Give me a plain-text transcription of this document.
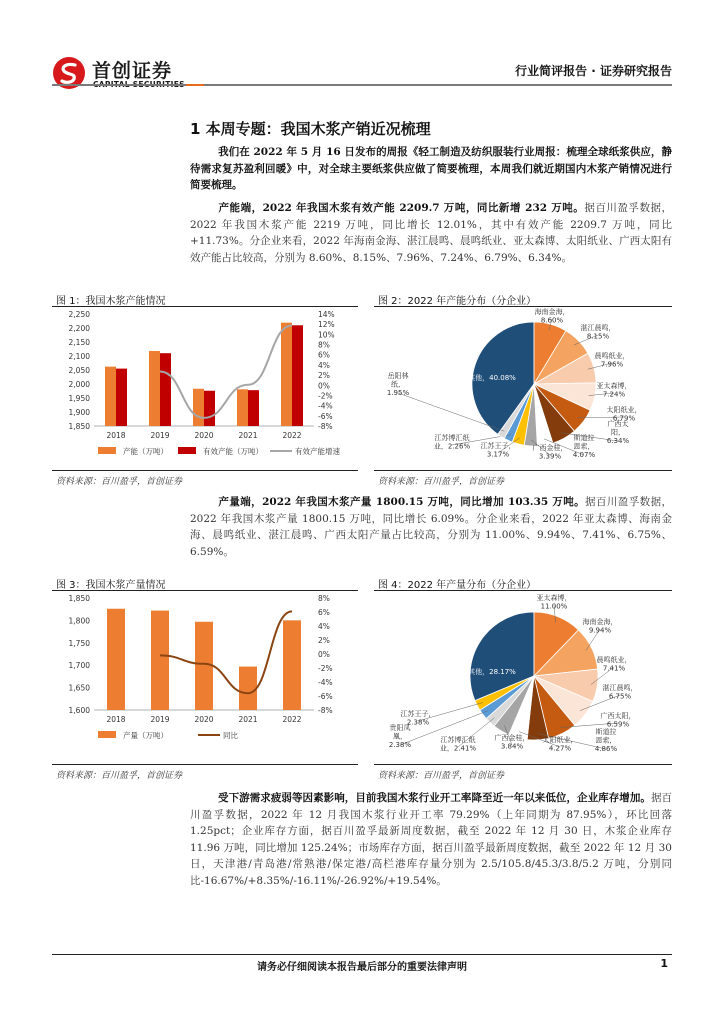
首创证券	行业简评报告 · 证券研究报告
1 本周专题：我国木浆产销近况梳理
我们在 2022 年 5 月 16 日发布的周报《轻工制造及纺织服装行业周报：梳理全球纸浆供应，静待需求复苏盈利回暖》中，对全球主要纸浆供应做了简要梳理，本周我们就近期国内木浆产销情况进行简要梳理。
产能端，2022 年我国木浆有效产能 2209.7 万吨，同比新增 232 万吨。据百川盈孚数据，2022 年我国木浆产能 2219 万吨，同比增长 12.01%，其中有效产能 2209.7 万吨，同比+11.73%。分企业来看，2022 年海南金海、湛江晨鸣、晨鸣纸业、亚太森博、太阳纸业、广西太阳有效产能占比较高，分别为 8.60%、8.15%、7.96%、7.24%、6.79%、6.34%。
图 1：我国木浆产能情况	图 2：2022 年产能分布（分企业）
2,250
2,200
2,150
2,100
2,050
2,000
1,950
1,900
1,850
14%
12%
10%
8%
6%
4%
2%
0%
-2%
-4%
-6%
-8%
2018	2019	2020	2021	2022
产能（万吨）	有效产能（万吨）	有效产能增速
海南金海， 8.60%
湛江晨鸣， 8.15%
晨鸣纸业， 7.96%
亚太森博， 7.24%
太阳纸业， 6.79%
广西太阳， 6.34%
斯道拉恩索， 4.07%
广西金桂， 3.39%
江苏王子， 3.17%
江苏博汇纸业，2.26%
岳阳林纸， 1.95%
其他，40.08%
资料来源：百川盈孚，首创证券	资料来源：百川盈孚，首创证券
产量端，2022 年我国木浆产量 1800.15 万吨，同比增加 103.35 万吨。据百川盈孚数据，2022 年我国木浆产量 1800.15 万吨，同比增长 6.09%。分企业来看，2022 年亚太森博、海南金海、晨鸣纸业、湛江晨鸣、广西太阳产量占比较高，分别为 11.00%、9.94%、7.41%、6.75%、6.59%。
图 3：我国木浆产量情况	图 4：2022 年产量分布（分企业）
1,850
1,800
1,750
1,700
1,650
1,600
8%
6%
4%
2%
0%
-2%
-4%
-6%
-8%
2018	2019	2020	2021	2022
产量（万吨）	同比
亚太森博， 11.00%
海南金海， 9.94%
晨鸣纸业， 7.41%
湛江晨鸣， 6.75%
广西太阳， 6.59%
斯道拉恩索， 4.86%
太阳纸业， 4.27%
广西金桂， 3.84%
江苏博汇纸业，2.41%
贵阳凤凰， 2.38%
江苏王子， 2.38%
其他，28.17%
资料来源：百川盈孚，首创证券	资料来源：百川盈孚，首创证券
受下游需求疲弱等因素影响，目前我国木浆行业开工率降至近一年以来低位，企业库存增加。据百川盈孚数据，2022 年 12 月我国木浆行业开工率 79.29%（上年同期为 87.95%），环比回落 1.25pct；企业库存方面，据百川盈孚最新周度数据，截至 2022 年 12 月 30 日，木浆企业库存 11.96 万吨，同比增加 125.24%；市场库存方面，据百川盈孚最新周度数据，截至 2022 年 12 月 30 日，天津港/青岛港/常熟港/保定港/高栏港库存量分别为 2.5/105.8/45.3/3.8/5.2 万吨，分别同比-16.67%/+8.35%/-16.11%/-26.92%/+19.54%。
请务必仔细阅读本报告最后部分的重要法律声明	1
